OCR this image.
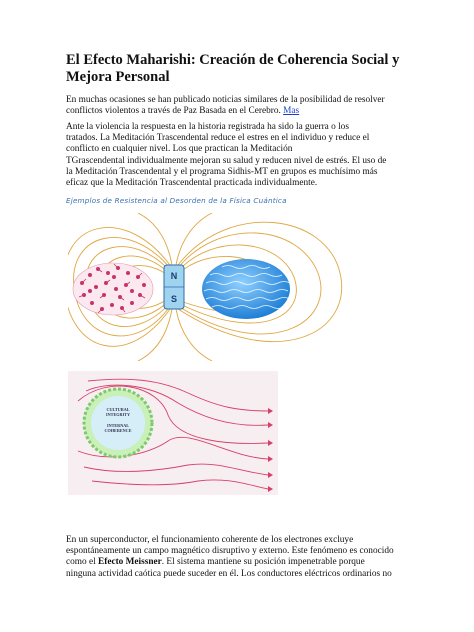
El Efecto Maharishi: Creación de Coherencia Social y Mejora Personal

En muchas ocasiones se han publicado noticias similares de la posibilidad de resolver
conflictos violentos a través de Paz Basada en el Cerebro. Mas

Ante la violencia la respuesta en la historia registrada ha sido la guerra o los
tratados. La Meditación Trascendental reduce el estres en el individuo y reduce el
conflicto en cualquier nivel. Los que practican la Meditación
TGrascendental individualmente mejoran su salud y reducen nivel de estrés. El uso de
la Meditación Trascendental y el programa Sidhis-MT en grupos es muchísimo más
eficaz que la Meditación Trascendental practicada individualmente.

Ejemplos de Resistencia al Desorden de la Física Cuántica

N
S
CULTURAL
INTEGRITY
INTERNAL
COHERENCE

En un superconductor, el funcionamiento coherente de los electrones excluye
espontáneamente un campo magnético disruptivo y externo. Este fenómeno es conocido
como el Efecto Meissner. El sistema mantiene su posición impenetrable porque
ninguna actividad caótica puede suceder en él. Los conductores eléctricos ordinarios no
